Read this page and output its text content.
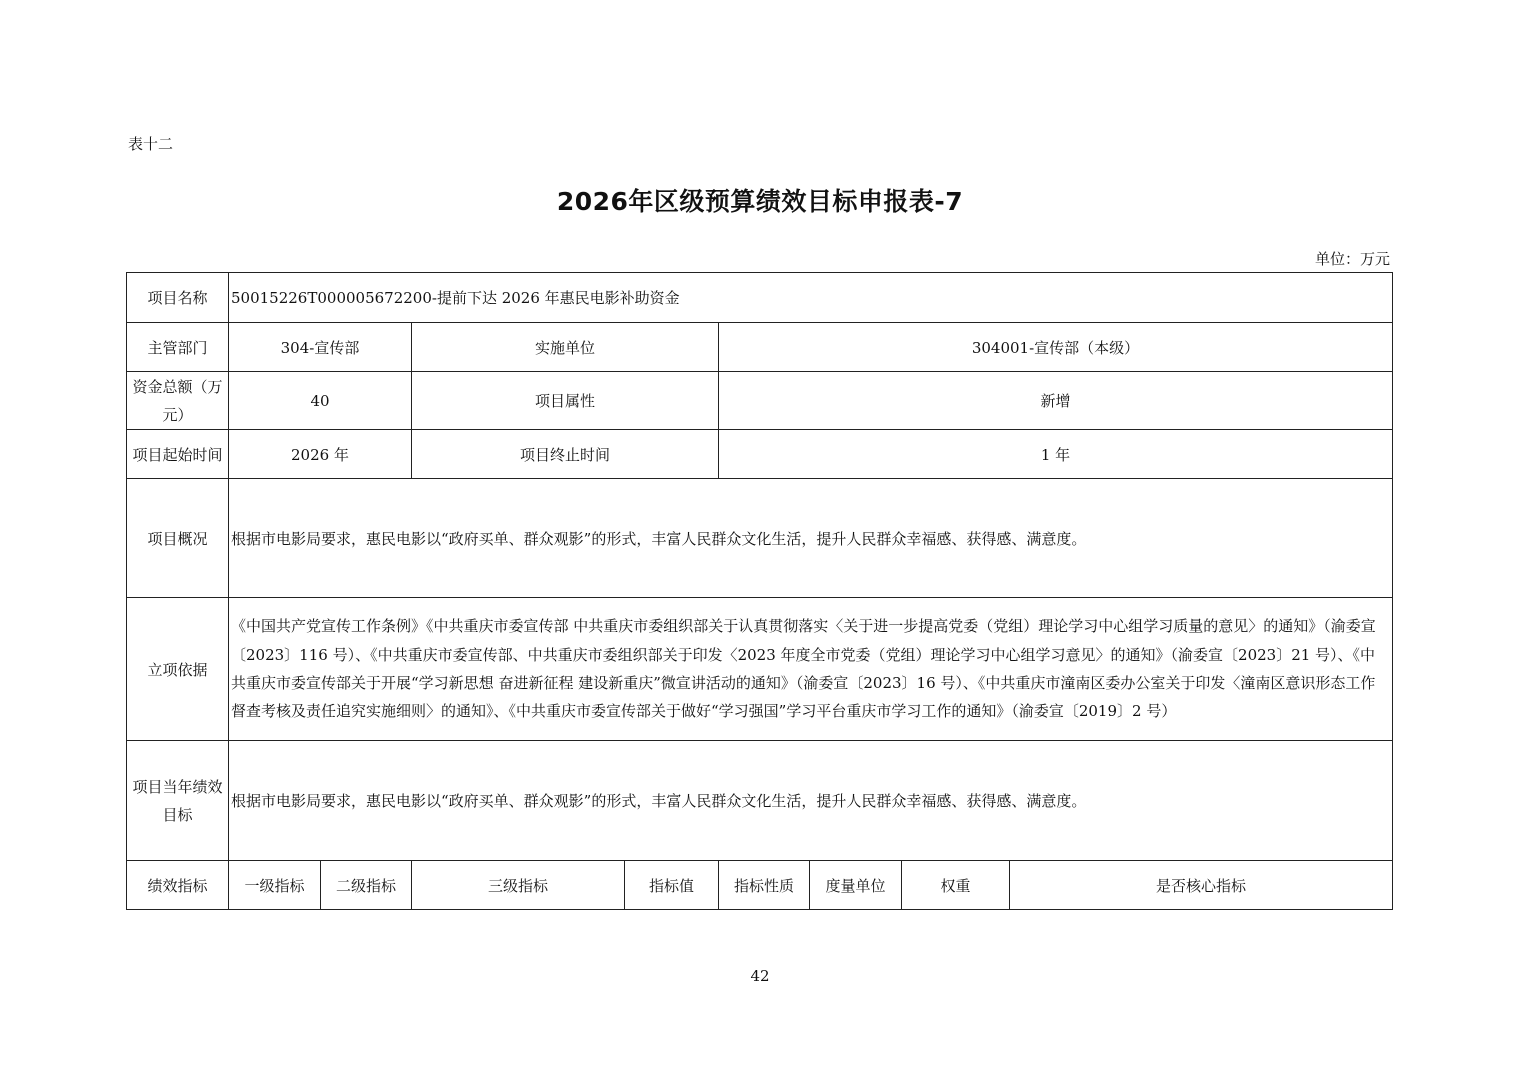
表十二
2026年区级预算绩效目标申报表-7
单位：万元
项目名称	50015226T000005672200-提前下达 2026 年惠民电影补助资金							
主管部门	304-宣传部		实施单位		304001-宣传部（本级）			
资金总额（万元）	40		项目属性		新增			
项目起始时间	2026 年		项目终止时间		1 年			
项目概况	根据市电影局要求，惠民电影以“政府买单、群众观影”的形式，丰富人民群众文化生活，提升人民群众幸福感、获得感、满意度。							
立项依据	《中国共产党宣传工作条例》《中共重庆市委宣传部 中共重庆市委组织部关于认真贯彻落实〈关于进一步提高党委（党组）理论学习中心组学习质量的意见〉的通知》（渝委宣〔2023〕116 号）、《中共重庆市委宣传部、中共重庆市委组织部关于印发〈2023 年度全市党委（党组）理论学习中心组学习意见〉的通知》（渝委宣〔2023〕21 号）、《中共重庆市委宣传部关于开展“学习新思想 奋进新征程 建设新重庆”微宣讲活动的通知》（渝委宣〔2023〕16 号）、《中共重庆市潼南区委办公室关于印发〈潼南区意识形态工作督查考核及责任追究实施细则〉的通知》、《中共重庆市委宣传部关于做好“学习强国”学习平台重庆市学习工作的通知》（渝委宣〔2019〕2 号）							
项目当年绩效目标	根据市电影局要求，惠民电影以“政府买单、群众观影”的形式，丰富人民群众文化生活，提升人民群众幸福感、获得感、满意度。							
绩效指标	一级指标	二级指标	三级指标	指标值	指标性质	度量单位	权重	是否核心指标
42
